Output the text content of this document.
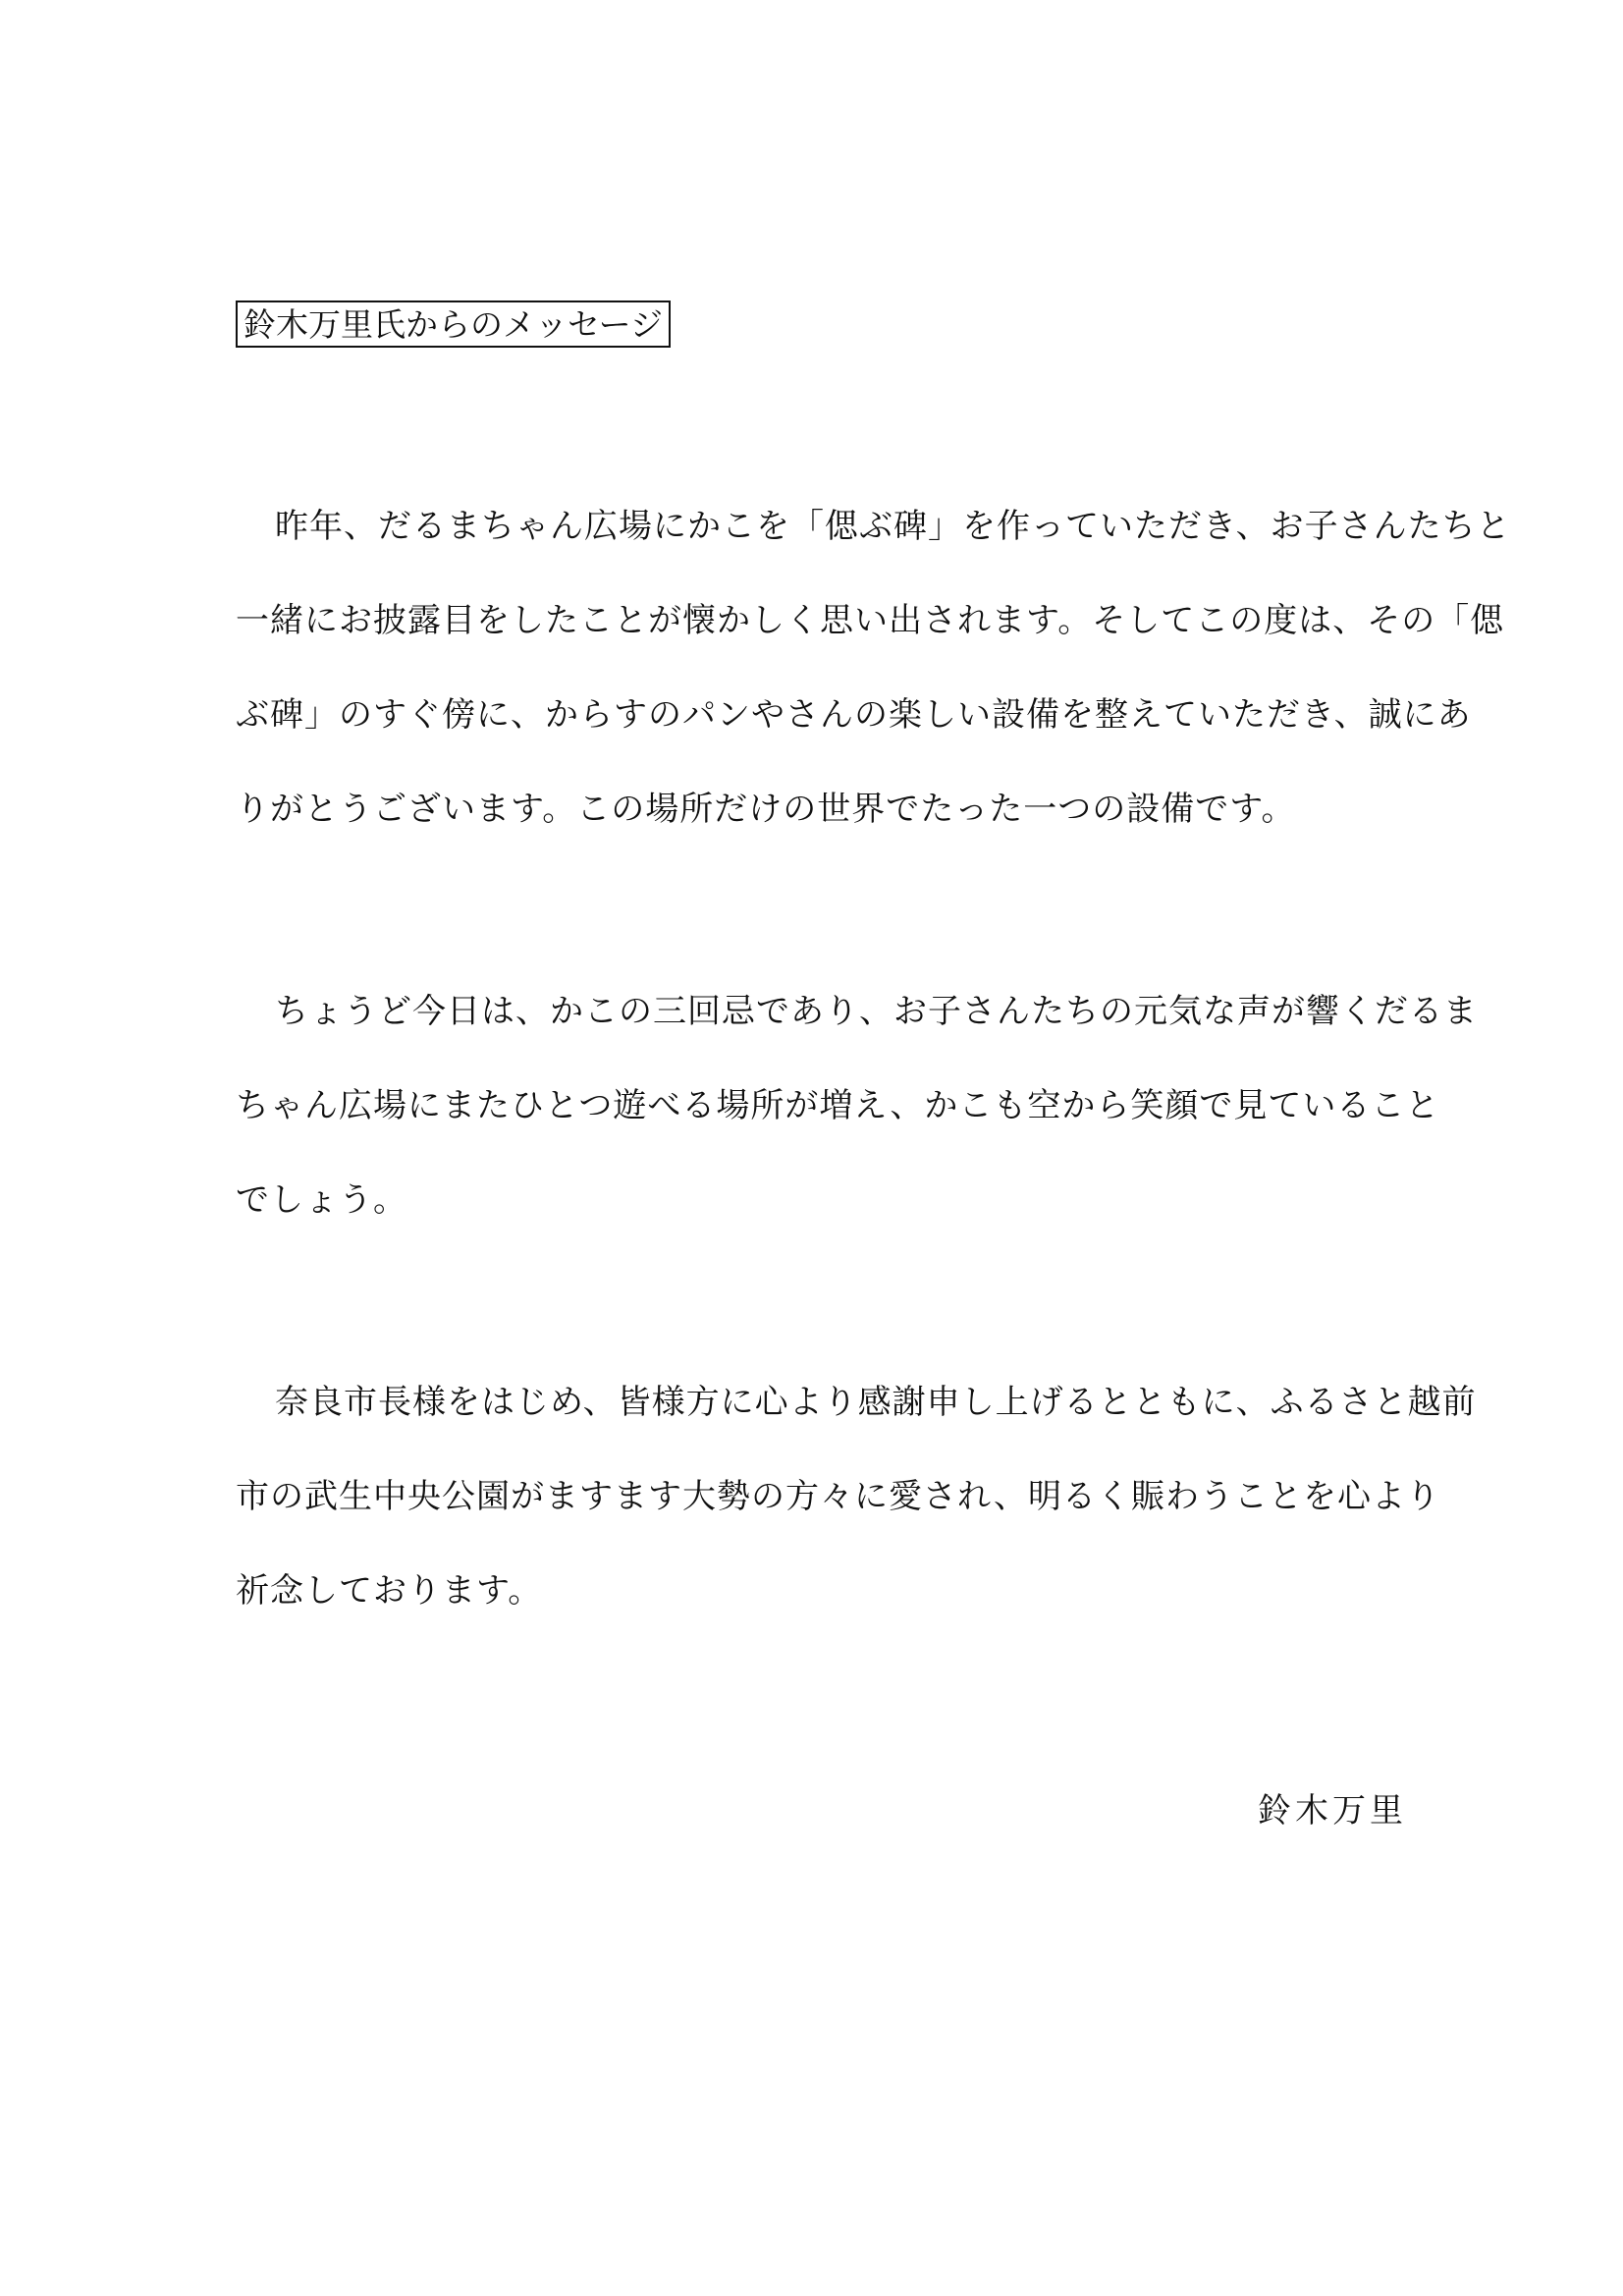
鈴木万里氏からのメッセージ
昨年、だるまちゃん広場にかこを「偲ぶ碑」を作っていただき、お子さんたちと
一緒にお披露目をしたことが懐かしく思い出されます。そしてこの度は、その「偲
ぶ碑」のすぐ傍に、からすのパンやさんの楽しい設備を整えていただき、誠にあ
りがとうございます。この場所だけの世界でたった一つの設備です。
ちょうど今日は、かこの三回忌であり、お子さんたちの元気な声が響くだるま
ちゃん広場にまたひとつ遊べる場所が増え、かこも空から笑顔で見ていること
でしょう。
奈良市長様をはじめ、皆様方に心より感謝申し上げるとともに、ふるさと越前
市の武生中央公園がますます大勢の方々に愛され、明るく賑わうことを心より
祈念しております。
鈴木万里
